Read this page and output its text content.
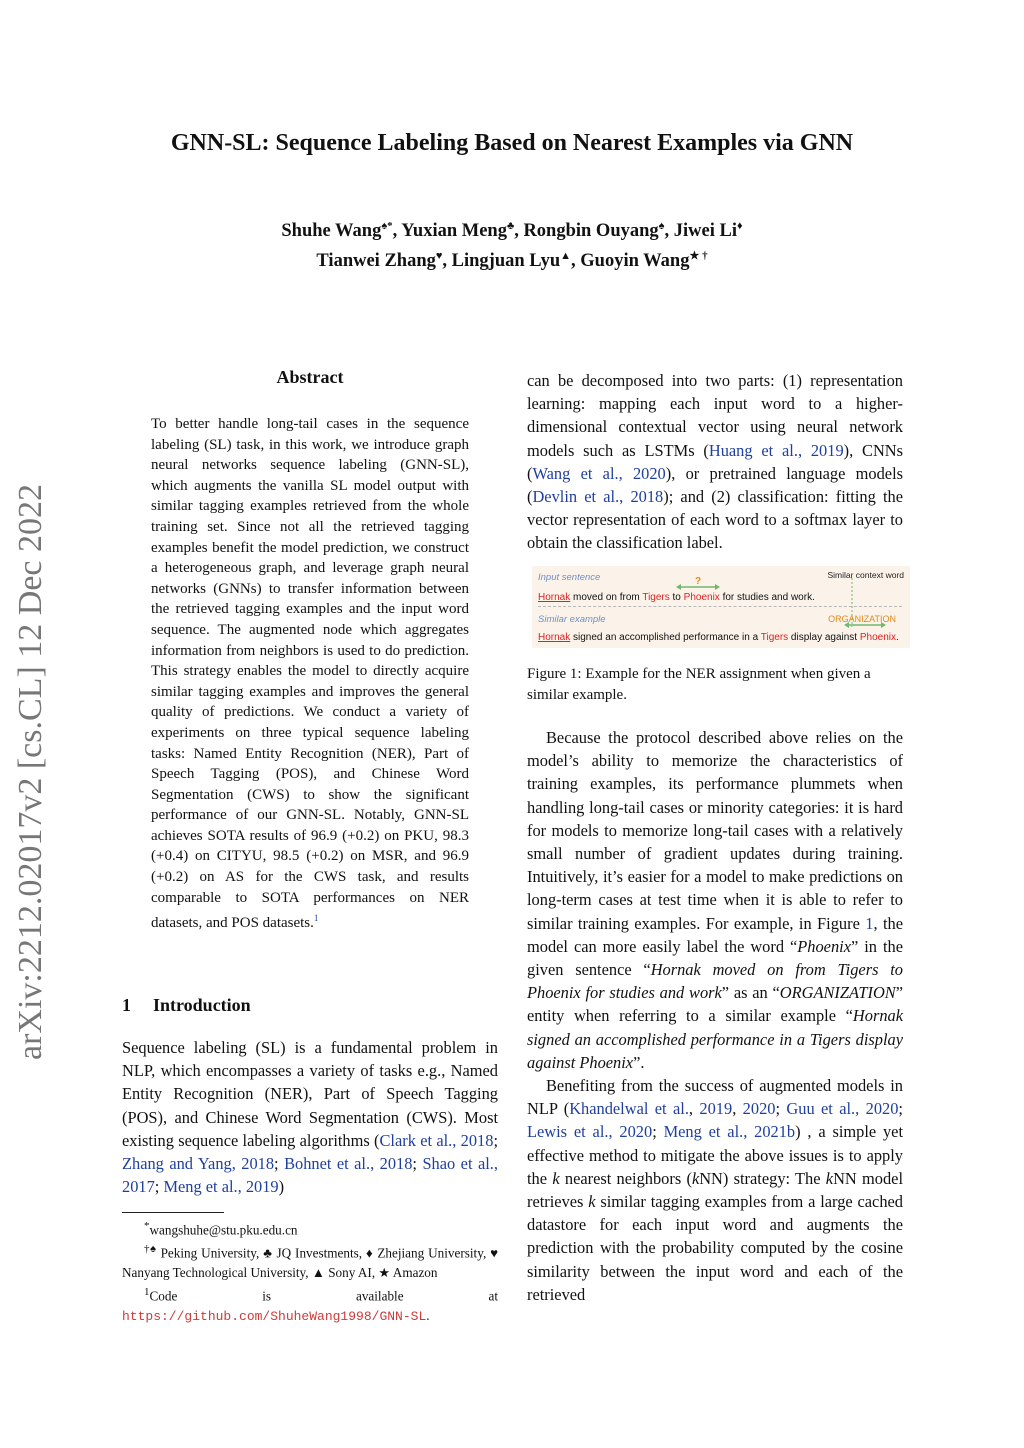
arXiv:2212.02017v2 [cs.CL] 12 Dec 2022
GNN-SL: Sequence Labeling Based on Nearest Examples via GNN
Shuhe Wang♠*, Yuxian Meng♣, Rongbin Ouyang♠, Jiwei Li♦
Tianwei Zhang♥, Lingjuan Lyu▲, Guoyin Wang★ †
Abstract
To better handle long-tail cases in the sequence labeling (SL) task, in this work, we introduce graph neural networks sequence labeling (GNN-SL), which augments the vanilla SL model output with similar tagging examples retrieved from the whole training set. Since not all the retrieved tagging examples benefit the model prediction, we construct a heterogeneous graph, and leverage graph neural networks (GNNs) to transfer information between the retrieved tagging examples and the input word sequence. The augmented node which aggregates information from neighbors is used to do prediction. This strategy enables the model to directly acquire similar tagging examples and improves the general quality of predictions. We conduct a variety of experiments on three typical sequence labeling tasks: Named Entity Recognition (NER), Part of Speech Tagging (POS), and Chinese Word Segmentation (CWS) to show the significant performance of our GNN-SL. Notably, GNN-SL achieves SOTA results of 96.9 (+0.2) on PKU, 98.3 (+0.4) on CITYU, 98.5 (+0.2) on MSR, and 96.9 (+0.2) on AS for the CWS task, and results comparable to SOTA performances on NER datasets, and POS datasets.$^1$
1 Introduction
Sequence labeling (SL) is a fundamental problem in NLP, which encompasses a variety of tasks e.g., Named Entity Recognition (NER), Part of Speech Tagging (POS), and Chinese Word Segmentation (CWS). Most existing sequence labeling algorithms (Clark et al., 2018; Zhang and Yang, 2018; Bohnet et al., 2018; Shao et al., 2017; Meng et al., 2019)
*wangshuhe@stu.pku.edu.cn
†♠ Peking University, ♣ JQ Investments, ♦ Zhejiang University, ♥ Nanyang Technological University, ▲ Sony AI, ★ Amazon
$^1$Code is available at https://github.com/ShuheWang1998/GNN-SL.
can be decomposed into two parts: (1) representation learning: mapping each input word to a higher-dimensional contextual vector using neural network models such as LSTMs (Huang et al., 2019), CNNs (Wang et al., 2020), or pretrained language models (Devlin et al., 2018); and (2) classification: fitting the vector representation of each word to a softmax layer to obtain the classification label.
Input sentence	?
Similar context word
Hornak moved on from Tigers to Phoenix for studies and work.
Similar example	ORGANIZATION
Hornak signed an accomplished performance in a Tigers display against Phoenix.
Figure 1: Example for the NER assignment when given a similar example.

Because the protocol described above relies on the model’s ability to memorize the characteristics of training examples, its performance plummets when handling long-tail cases or minority categories: it is hard for models to memorize long-tail cases with a relatively small number of gradient updates during training. Intuitively, it’s easier for a model to make predictions on long-term cases at test time when it is able to refer to similar training examples. For example, in Figure 1, the model can more easily label the word “Phoenix” in the given sentence “Hornak moved on from Tigers to Phoenix for studies and work” as an “ORGANIZATION” entity when referring to a similar example “Hornak signed an accomplished performance in a Tigers display against Phoenix”.

Benefiting from the success of augmented models in NLP (Khandelwal et al., 2019, 2020; Guu et al., 2020; Lewis et al., 2020; Meng et al., 2021b) , a simple yet effective method to mitigate the above issues is to apply the k nearest neighbors (kNN) strategy: The kNN model retrieves k similar tagging examples from a large cached datastore for each input word and augments the prediction with the probability computed by the cosine similarity between the input word and each of the retrieved
